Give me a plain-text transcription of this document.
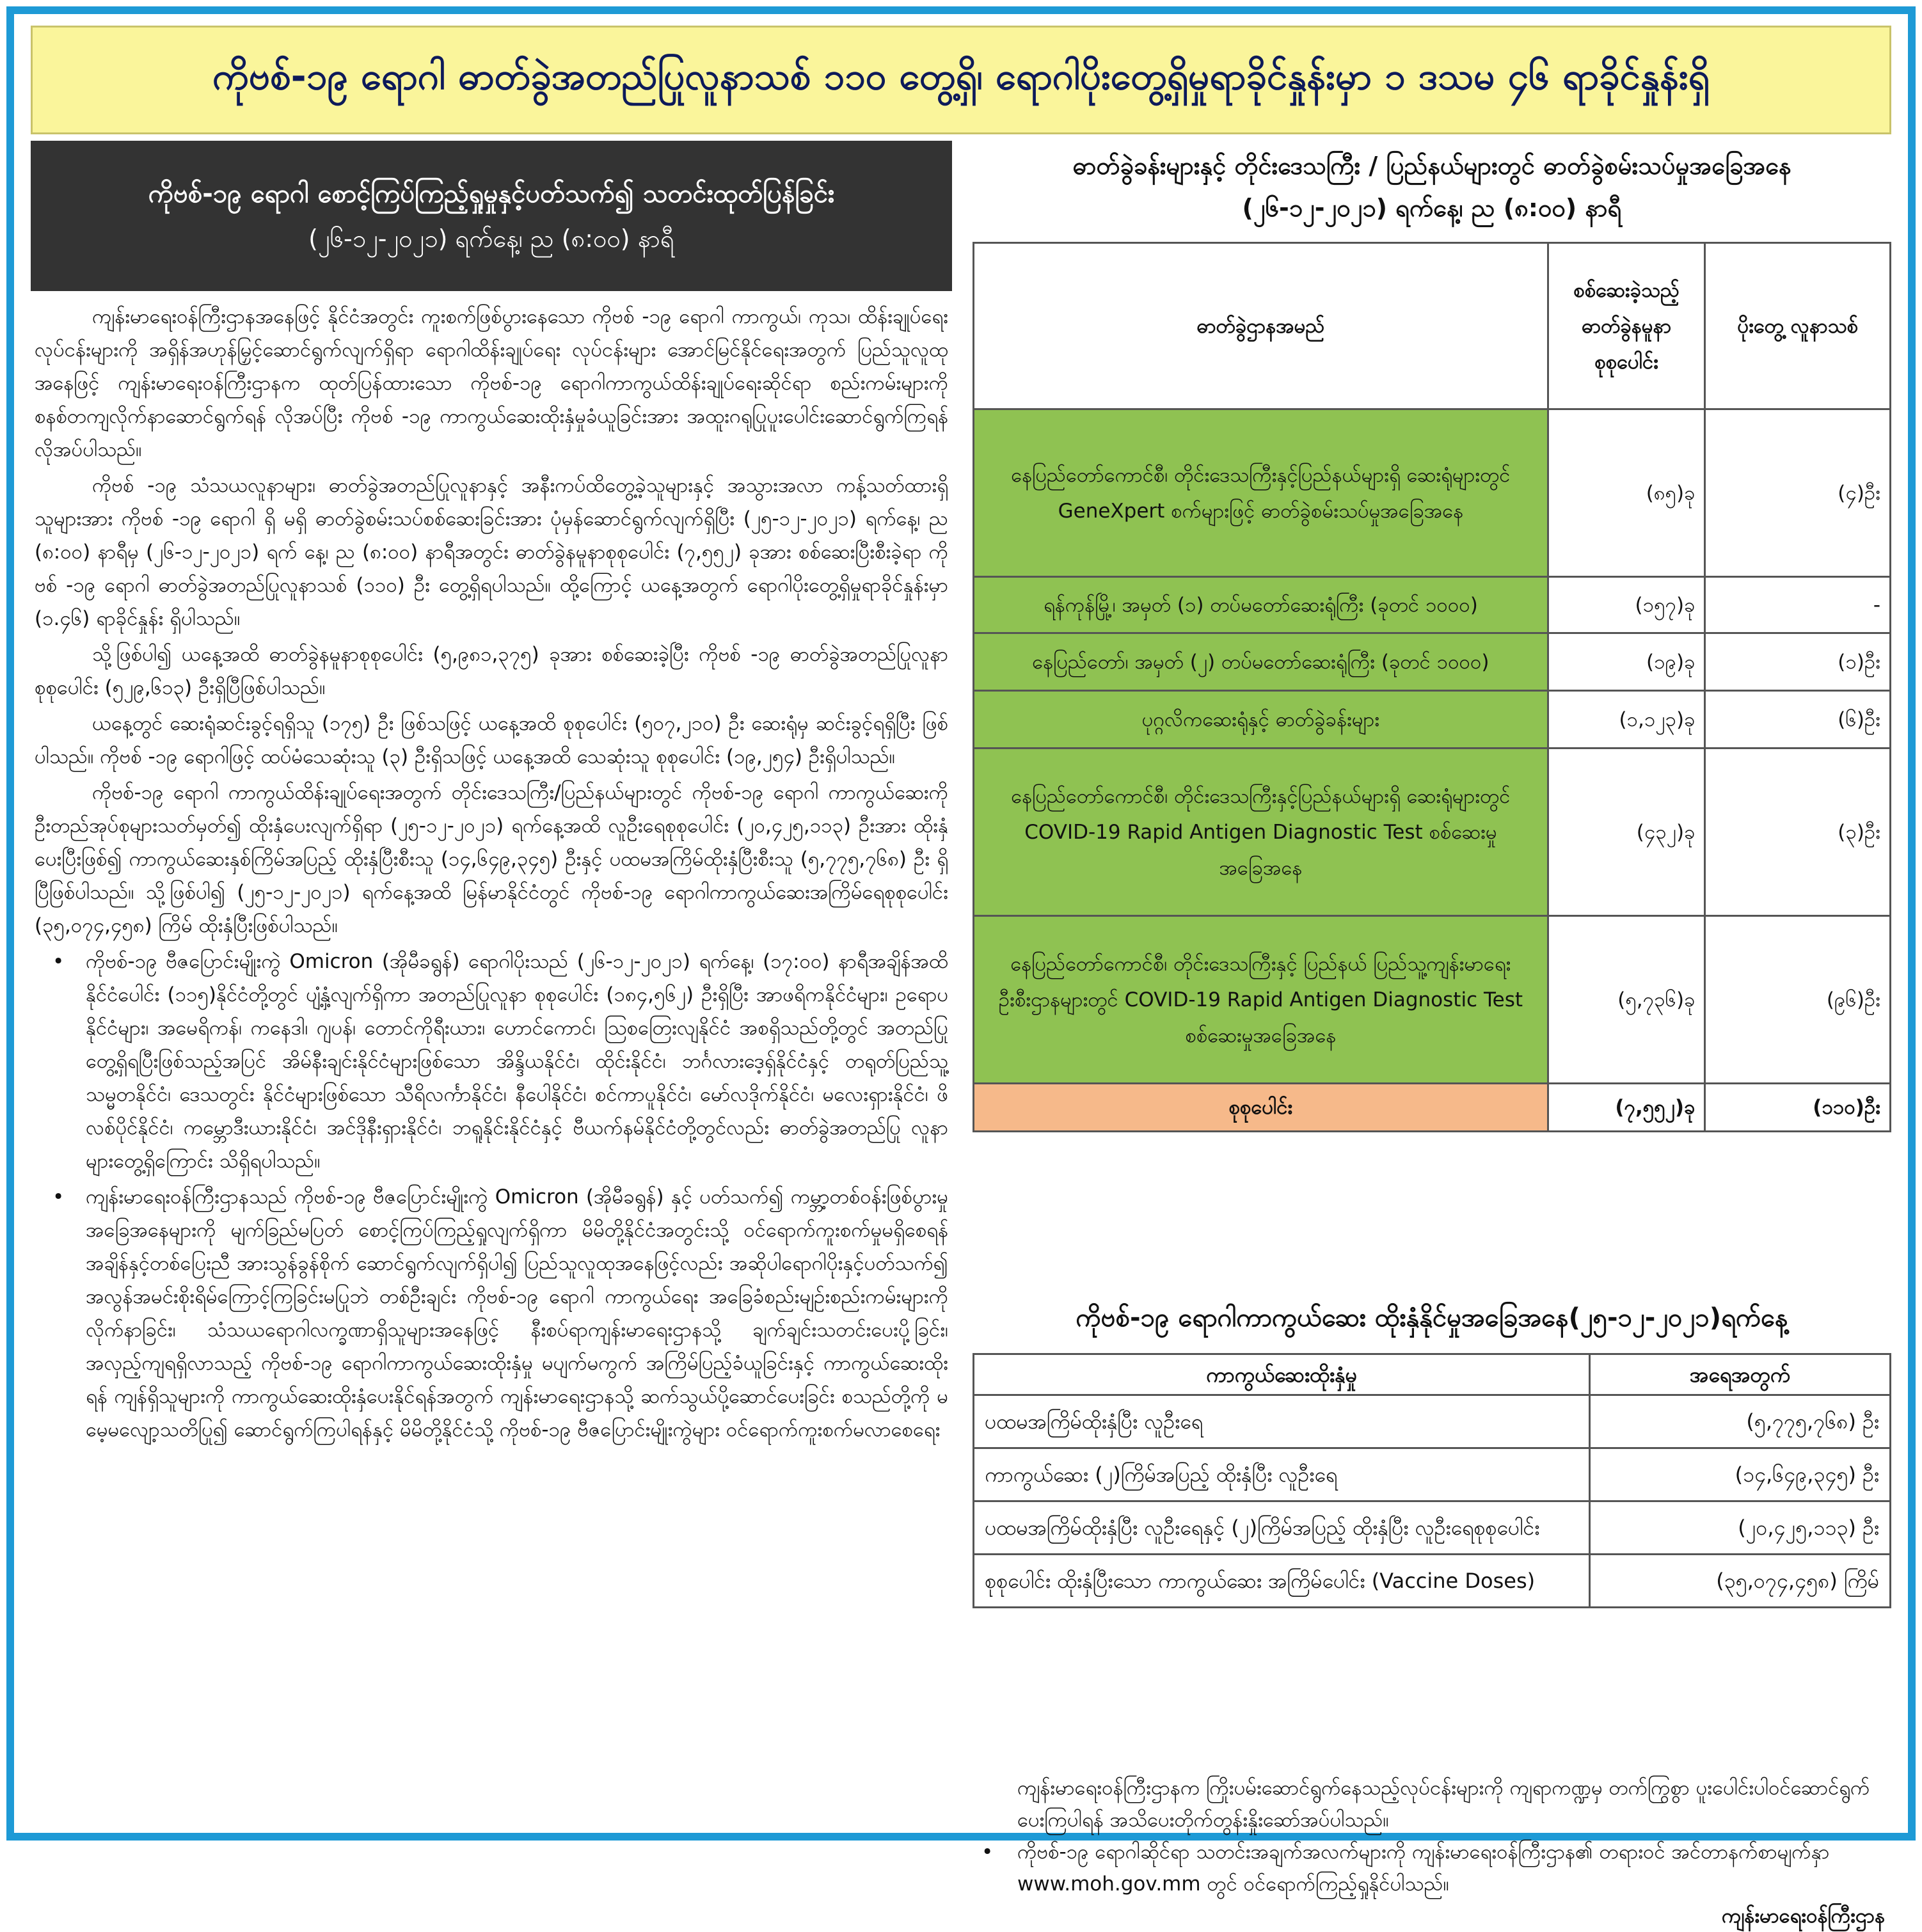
ကိုဗစ်-၁၉ ရောဂါ ဓာတ်ခွဲအတည်ပြုလူနာသစ် ၁၁၀ တွေ့ရှိ၊ ရောဂါပိုးတွေ့ရှိမှုရာခိုင်နှုန်းမှာ ၁ ဒသမ ၄၆ ရာခိုင်နှုန်းရှိ
ကိုဗစ်-၁၉ ရောဂါ စောင့်ကြပ်ကြည့်ရှုမှုနှင့်ပတ်သက်၍ သတင်းထုတ်ပြန်ခြင်း
(၂၆-၁၂-၂၀၂၁) ရက်နေ့၊ ည (၈:၀၀) နာရီ

ကျန်းမာရေးဝန်ကြီးဌာနအနေဖြင့် နိုင်ငံအတွင်း ကူးစက်ဖြစ်ပွားနေသော ကိုဗစ် -၁၉ ရောဂါ ကာကွယ်၊ ကုသ၊ ထိန်းချုပ်ရေးလုပ်ငန်းများကို အရှိန်အဟုန်မြှင့်ဆောင်ရွက်လျက်ရှိရာ ရောဂါထိန်းချုပ်ရေး လုပ်ငန်းများ အောင်မြင်နိုင်ရေးအတွက် ပြည်သူလူထုအနေဖြင့် ကျန်းမာရေးဝန်ကြီးဌာနက ထုတ်ပြန်ထားသော ကိုဗစ်-၁၉ ရောဂါကာကွယ်ထိန်းချုပ်ရေးဆိုင်ရာ စည်းကမ်းများကို စနစ်တကျလိုက်နာဆောင်ရွက်ရန် လိုအပ်ပြီး ကိုဗစ် -၁၉ ကာကွယ်ဆေးထိုးနှံမှုခံယူခြင်းအား အထူးဂရုပြုပူးပေါင်းဆောင်ရွက်ကြရန် လိုအပ်ပါသည်။

ကိုဗစ် -၁၉ သံသယလူနာများ၊ ဓာတ်ခွဲအတည်ပြုလူနာနှင့် အနီးကပ်ထိတွေ့ခဲ့သူများနှင့် အသွားအလာ ကန့်သတ်ထားရှိသူများအား ကိုဗစ် -၁၉ ရောဂါ ရှိ မရှိ ဓာတ်ခွဲစမ်းသပ်စစ်ဆေးခြင်းအား ပုံမှန်ဆောင်ရွက်လျက်ရှိပြီး (၂၅-၁၂-၂၀၂၁) ရက်နေ့၊ ည (၈:၀၀) နာရီမှ (၂၆-၁၂-၂၀၂၁) ရက် နေ့၊ ည (၈:၀၀) နာရီအတွင်း ဓာတ်ခွဲနမူနာစုစုပေါင်း (၇,၅၅၂) ခုအား စစ်ဆေးပြီးစီးခဲ့ရာ ကိုဗစ် -၁၉ ရောဂါ ဓာတ်ခွဲအတည်ပြုလူနာသစ် (၁၁၀) ဦး တွေ့ရှိရပါသည်။ ထို့ကြောင့် ယနေ့အတွက် ရောဂါပိုးတွေ့ရှိမှုရာခိုင်နှုန်းမှာ (၁.၄၆) ရာခိုင်နှုန်း ရှိပါသည်။

သို့ဖြစ်ပါ၍ ယနေ့အထိ ဓာတ်ခွဲနမူနာစုစုပေါင်း (၅,၉၈၁,၃၇၅) ခုအား စစ်ဆေးခဲ့ပြီး ကိုဗစ် -၁၉ ဓာတ်ခွဲအတည်ပြုလူနာ စုစုပေါင်း (၅၂၉,၆၁၃) ဦးရှိပြီဖြစ်ပါသည်။

ယနေ့တွင် ဆေးရုံဆင်းခွင့်ရရှိသူ (၁၇၅) ဦး ဖြစ်သဖြင့် ယနေ့အထိ စုစုပေါင်း (၅၀၇,၂၁၀) ဦး ဆေးရုံမှ ဆင်းခွင့်ရရှိပြီး ဖြစ်ပါသည်။ ကိုဗစ် -၁၉ ရောဂါဖြင့် ထပ်မံသေဆုံးသူ (၃) ဦးရှိသဖြင့် ယနေ့အထိ သေဆုံးသူ စုစုပေါင်း (၁၉,၂၅၄) ဦးရှိပါသည်။

ကိုဗစ်-၁၉ ရောဂါ ကာကွယ်ထိန်းချုပ်ရေးအတွက် တိုင်းဒေသကြီး/ပြည်နယ်များတွင် ကိုဗစ်-၁၉ ရောဂါ ကာကွယ်ဆေးကို ဦးတည်အုပ်စုများသတ်မှတ်၍ ထိုးနှံပေးလျက်ရှိရာ (၂၅-၁၂-၂၀၂၁) ရက်နေ့အထိ လူဦးရေစုစုပေါင်း (၂၀,၄၂၅,၁၁၃) ဦးအား ထိုးနှံပေးပြီးဖြစ်၍ ကာကွယ်ဆေးနှစ်ကြိမ်အပြည့် ထိုးနှံပြီးစီးသူ (၁၄,၆၄၉,၃၄၅) ဦးနှင့် ပထမအကြိမ်ထိုးနှံပြီးစီးသူ (၅,၇၇၅,၇၆၈) ဦး ရှိပြီဖြစ်ပါသည်။ သို့ဖြစ်ပါ၍ (၂၅-၁၂-၂၀၂၁) ရက်နေ့အထိ မြန်မာနိုင်ငံတွင် ကိုဗစ်-၁၉ ရောဂါကာကွယ်ဆေးအကြိမ်ရေစုစုပေါင်း (၃၅,၀၇၄,၄၅၈) ကြိမ် ထိုးနှံပြီးဖြစ်ပါသည်။

• ကိုဗစ်-၁၉ ဗီဇပြောင်းမျိုးကွဲ Omicron (အိုမီခရွန်) ရောဂါပိုးသည် (၂၆-၁၂-၂၀၂၁) ရက်နေ့၊ (၁၇:၀၀) နာရီအချိန်အထိ နိုင်ငံပေါင်း (၁၁၅)နိုင်ငံတို့တွင် ပျံ့နှံ့လျက်ရှိကာ အတည်ပြုလူနာ စုစုပေါင်း (၁၈၄,၅၆၂) ဦးရှိပြီး အာဖရိကနိုင်ငံများ၊ ဥရောပနိုင်ငံများ၊ အမေရိကန်၊ ကနေဒါ၊ ဂျပန်၊ တောင်ကိုရီးယား၊ ဟောင်ကောင်၊ ဩစတြေးလျနိုင်ငံ အစရှိသည်တို့တွင် အတည်ပြုတွေ့ရှိရပြီးဖြစ်သည့်အပြင် အိမ်နီးချင်းနိုင်ငံများဖြစ်သော အိန္ဒိယနိုင်ငံ၊ ထိုင်းနိုင်ငံ၊ ဘင်္ဂလားဒေ့ရှ်နိုင်ငံနှင့် တရုတ်ပြည်သူ့သမ္မတနိုင်ငံ၊ ဒေသတွင်း နိုင်ငံများဖြစ်သော သီရိလင်္ကာနိုင်ငံ၊ နီပေါနိုင်ငံ၊ စင်ကာပူနိုင်ငံ၊ မော်လဒိုက်နိုင်ငံ၊ မလေးရှားနိုင်ငံ၊ ဖိလစ်ပိုင်နိုင်ငံ၊ ကမ္ဘောဒီးယားနိုင်ငံ၊ အင်ဒိုနီးရှားနိုင်ငံ၊ ဘရူနိုင်းနိုင်ငံနှင့် ဗီယက်နမ်နိုင်ငံတို့တွင်လည်း ဓာတ်ခွဲအတည်ပြု လူနာများတွေ့ရှိကြောင်း သိရှိရပါသည်။

• ကျန်းမာရေးဝန်ကြီးဌာနသည် ကိုဗစ်-၁၉ ဗီဇပြောင်းမျိုးကွဲ Omicron (အိုမီခရွန်) နှင့် ပတ်သက်၍ ကမ္ဘာ့တစ်ဝန်းဖြစ်ပွားမှု အခြေအနေများကို မျက်ခြည်မပြတ် စောင့်ကြပ်ကြည့်ရှုလျက်ရှိကာ မိမိတို့နိုင်ငံအတွင်းသို့ ဝင်ရောက်ကူးစက်မှုမရှိစေရန် အချိန်နှင့်တစ်ပြေးညီ အားသွန်ခွန်စိုက် ဆောင်ရွက်လျက်ရှိပါ၍ ပြည်သူလူထုအနေဖြင့်လည်း အဆိုပါရောဂါပိုးနှင့်ပတ်သက်၍ အလွန်အမင်းစိုးရိမ်ကြောင့်ကြခြင်းမပြုဘဲ တစ်ဦးချင်း ကိုဗစ်-၁၉ ရောဂါ ကာကွယ်ရေး အခြေခံစည်းမျဉ်းစည်းကမ်းများကို လိုက်နာခြင်း၊ သံသယရောဂါလက္ခဏာရှိသူများအနေဖြင့် နီးစပ်ရာကျန်းမာရေးဌာနသို့ ချက်ချင်းသတင်းပေးပို့ခြင်း၊ အလှည့်ကျရရှိလာသည့် ကိုဗစ်-၁၉ ရောဂါကာကွယ်ဆေးထိုးနှံမှု မပျက်မကွက် အကြိမ်ပြည့်ခံယူခြင်းနှင့် ကာကွယ်ဆေးထိုးရန် ကျန်ရှိသူများကို ကာကွယ်ဆေးထိုးနှံပေးနိုင်ရန်အတွက် ကျန်းမာရေးဌာနသို့ ဆက်သွယ်ပို့ဆောင်ပေးခြင်း စသည်တို့ကို မမေ့မလျော့သတိပြု၍ ဆောင်ရွက်ကြပါရန်နှင့် မိမိတို့နိုင်ငံသို့ ကိုဗစ်-၁၉ ဗီဇပြောင်းမျိုးကွဲများ ဝင်ရောက်ကူးစက်မလာစေရေး

ဓာတ်ခွဲခန်းများနှင့် တိုင်းဒေသကြီး / ပြည်နယ်များတွင် ဓာတ်ခွဲစမ်းသပ်မှုအခြေအနေ
(၂၆-၁၂-၂၀၂၁) ရက်နေ့၊ ည (၈:၀၀) နာရီ
ဓာတ်ခွဲဌာနအမည်	စစ်ဆေးခဲ့သည့် ဓာတ်ခွဲနမူနာ စုစုပေါင်း	ပိုးတွေ့ လူနာသစ်
နေပြည်တော်ကောင်စီ၊ တိုင်းဒေသကြီးနှင့်ပြည်နယ်များရှိ ဆေးရုံများတွင် GeneXpert စက်များဖြင့် ဓာတ်ခွဲစမ်းသပ်မှုအခြေအနေ	(၈၅)ခု	(၄)ဦး
ရန်ကုန်မြို့၊ အမှတ် (၁) တပ်မတော်ဆေးရုံကြီး (ခုတင် ၁၀၀၀)	(၁၅၇)ခု	-
နေပြည်တော်၊ အမှတ် (၂) တပ်မတော်ဆေးရုံကြီး (ခုတင် ၁၀၀၀)	(၁၉)ခု	(၁)ဦး
ပုဂ္ဂလိကဆေးရုံနှင့် ဓာတ်ခွဲခန်းများ	(၁,၁၂၃)ခု	(၆)ဦး
နေပြည်တော်ကောင်စီ၊ တိုင်းဒေသကြီးနှင့်ပြည်နယ်များရှိ ဆေးရုံများတွင် COVID-19 Rapid Antigen Diagnostic Test စစ်ဆေးမှုအခြေအနေ	(၄၃၂)ခု	(၃)ဦး
နေပြည်တော်ကောင်စီ၊ တိုင်းဒေသကြီးနှင့် ပြည်နယ် ပြည်သူ့ကျန်းမာရေးဦးစီးဌာနများတွင် COVID-19 Rapid Antigen Diagnostic Test စစ်ဆေးမှုအခြေအနေ	(၅,၇၃၆)ခု	(၉၆)ဦး
စုစုပေါင်း	(၇,၅၅၂)ခု	(၁၁၀)ဦး
ကိုဗစ်-၁၉ ရောဂါကာကွယ်ဆေး ထိုးနှံနိုင်မှုအခြေအနေ(၂၅-၁၂-၂၀၂၁)ရက်နေ့
ကာကွယ်ဆေးထိုးနှံမှု	အရေအတွက်
ပထမအကြိမ်ထိုးနှံပြီး လူဦးရေ	(၅,၇၇၅,၇၆၈) ဦး
ကာကွယ်ဆေး (၂)ကြိမ်အပြည့် ထိုးနှံပြီး လူဦးရေ	(၁၄,၆၄၉,၃၄၅) ဦး
ပထမအကြိမ်ထိုးနှံပြီး လူဦးရေနှင့် (၂)ကြိမ်အပြည့် ထိုးနှံပြီး လူဦးရေစုစုပေါင်း	(၂၀,၄၂၅,၁၁၃) ဦး
စုစုပေါင်း ထိုးနှံပြီးသော ကာကွယ်ဆေး အကြိမ်ပေါင်း (Vaccine Doses)	(၃၅,၀၇၄,၄၅၈) ကြိမ်
ကျန်းမာရေးဝန်ကြီးဌာနက ကြိုးပမ်းဆောင်ရွက်နေသည့်လုပ်ငန်းများကို ကျရာကဏ္ဍမှ တက်ကြွစွာ ပူးပေါင်းပါဝင်ဆောင်ရွက်ပေးကြပါရန် အသိပေးတိုက်တွန်းနှိုးဆော်အပ်ပါသည်။
• ကိုဗစ်-၁၉ ရောဂါဆိုင်ရာ သတင်းအချက်အလက်များကို ကျန်းမာရေးဝန်ကြီးဌာန၏ တရားဝင် အင်တာနက်စာမျက်နှာ www.moh.gov.mm တွင် ဝင်ရောက်ကြည့်ရှုနိုင်ပါသည်။
ကျန်းမာရေးဝန်ကြီးဌာန
